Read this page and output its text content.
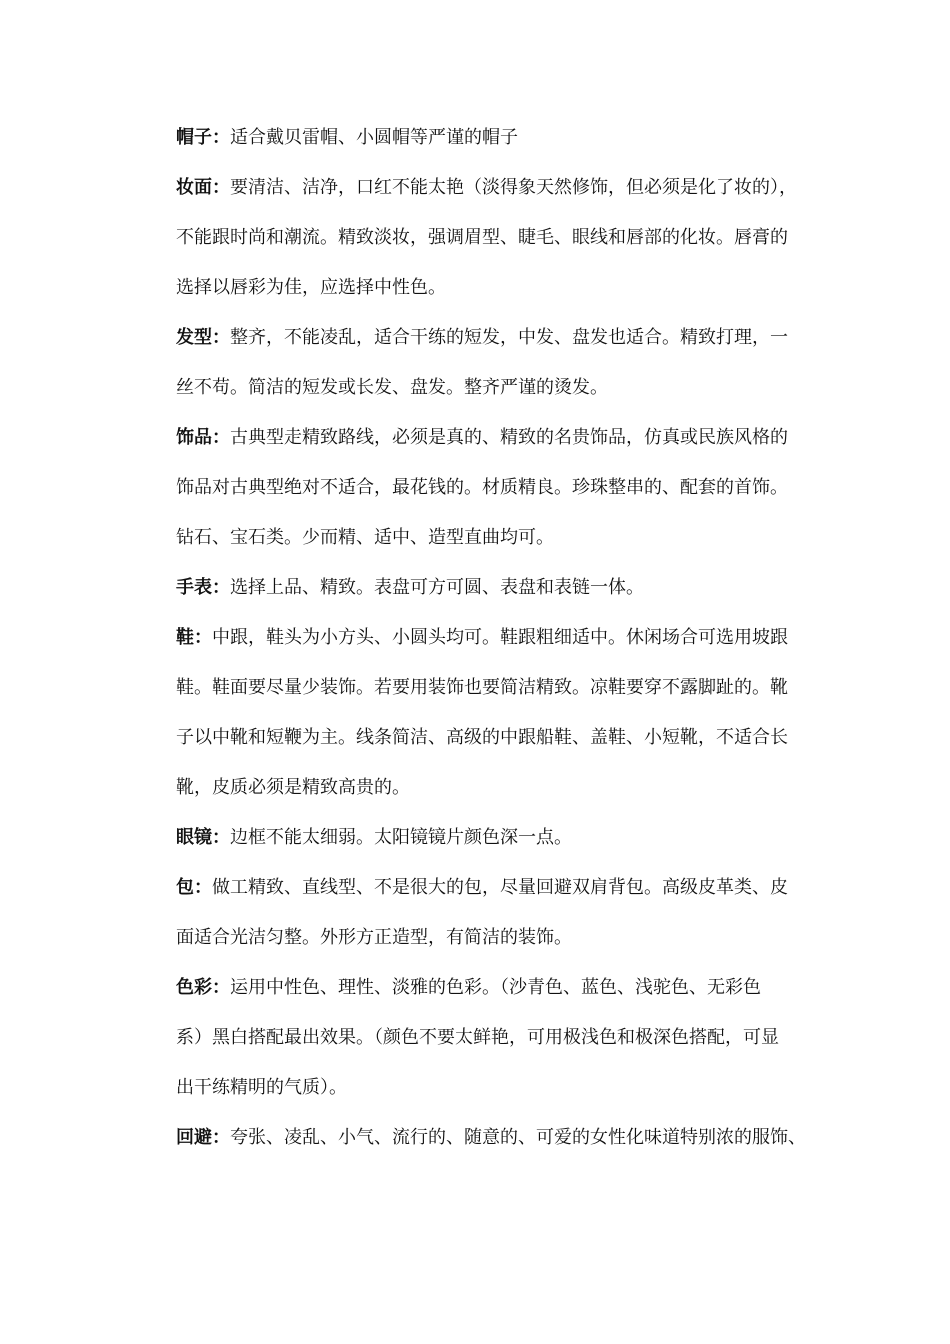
帽子：适合戴贝雷帽、小圆帽等严谨的帽子
妆面：要清洁、洁净，口红不能太艳（淡得象天然修饰，但必须是化了妆的），
不能跟时尚和潮流。精致淡妆，强调眉型、睫毛、眼线和唇部的化妆。唇膏的
选择以唇彩为佳，应选择中性色。
发型：整齐，不能凌乱，适合干练的短发，中发、盘发也适合。精致打理，一
丝不苟。简洁的短发或长发、盘发。整齐严谨的烫发。
饰品：古典型走精致路线，必须是真的、精致的名贵饰品，仿真或民族风格的
饰品对古典型绝对不适合，最花钱的。材质精良。珍珠整串的、配套的首饰。
钻石、宝石类。少而精、适中、造型直曲均可。
手表：选择上品、精致。表盘可方可圆、表盘和表链一体。
鞋：中跟，鞋头为小方头、小圆头均可。鞋跟粗细适中。休闲场合可选用坡跟
鞋。鞋面要尽量少装饰。若要用装饰也要简洁精致。凉鞋要穿不露脚趾的。靴
子以中靴和短鞭为主。线条简洁、高级的中跟船鞋、盖鞋、小短靴，不适合长
靴，皮质必须是精致高贵的。
眼镜：边框不能太细弱。太阳镜镜片颜色深一点。
包：做工精致、直线型、不是很大的包，尽量回避双肩背包。高级皮革类、皮
面适合光洁匀整。外形方正造型，有简洁的装饰。
色彩：运用中性色、理性、淡雅的色彩。（沙青色、蓝色、浅驼色、无彩色
系）黑白搭配最出效果。（颜色不要太鲜艳，可用极浅色和极深色搭配，可显
出干练精明的气质）。
回避：夸张、凌乱、小气、流行的、随意的、可爱的女性化味道特别浓的服饰、
